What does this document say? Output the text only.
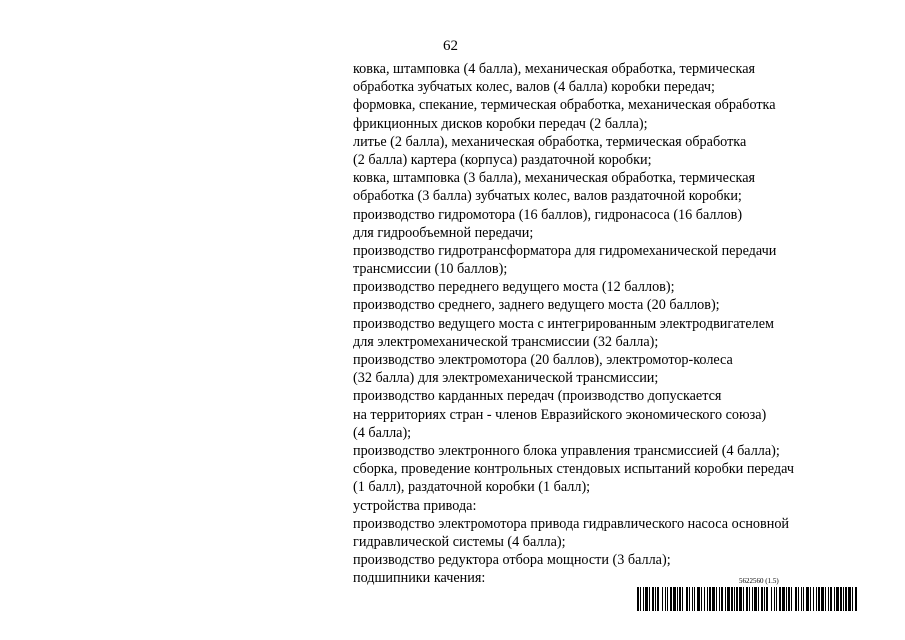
62
ковка, штамповка (4 балла), механическая обработка, термическая
обработка зубчатых колес, валов (4 балла) коробки передач;
формовка, спекание, термическая обработка, механическая обработка
фрикционных дисков коробки передач (2 балла);
литье (2 балла), механическая обработка, термическая обработка
(2 балла) картера (корпуса) раздаточной коробки;
ковка, штамповка (3 балла), механическая обработка, термическая
обработка (3 балла) зубчатых колес, валов раздаточной коробки;
производство гидромотора (16 баллов), гидронасоса (16 баллов)
для гидрообъемной передачи;
производство гидротрансформатора для гидромеханической передачи
трансмиссии (10 баллов);
производство переднего ведущего моста (12 баллов);
производство среднего, заднего ведущего моста (20 баллов);
производство ведущего моста с интегрированным электродвигателем
для электромеханической трансмиссии (32 балла);
производство электромотора (20 баллов), электромотор-колеса
(32 балла) для электромеханической трансмиссии;
производство карданных передач (производство допускается
на территориях стран - членов Евразийского экономического союза)
(4 балла);
производство электронного блока управления трансмиссией (4 балла);
сборка, проведение контрольных стендовых испытаний коробки передач
(1 балл), раздаточной коробки (1 балл);
устройства привода:
производство электромотора привода гидравлического насоса основной
гидравлической системы (4 балла);
производство редуктора отбора мощности (3 балла);
подшипники качения:	5622560 (1.5)
